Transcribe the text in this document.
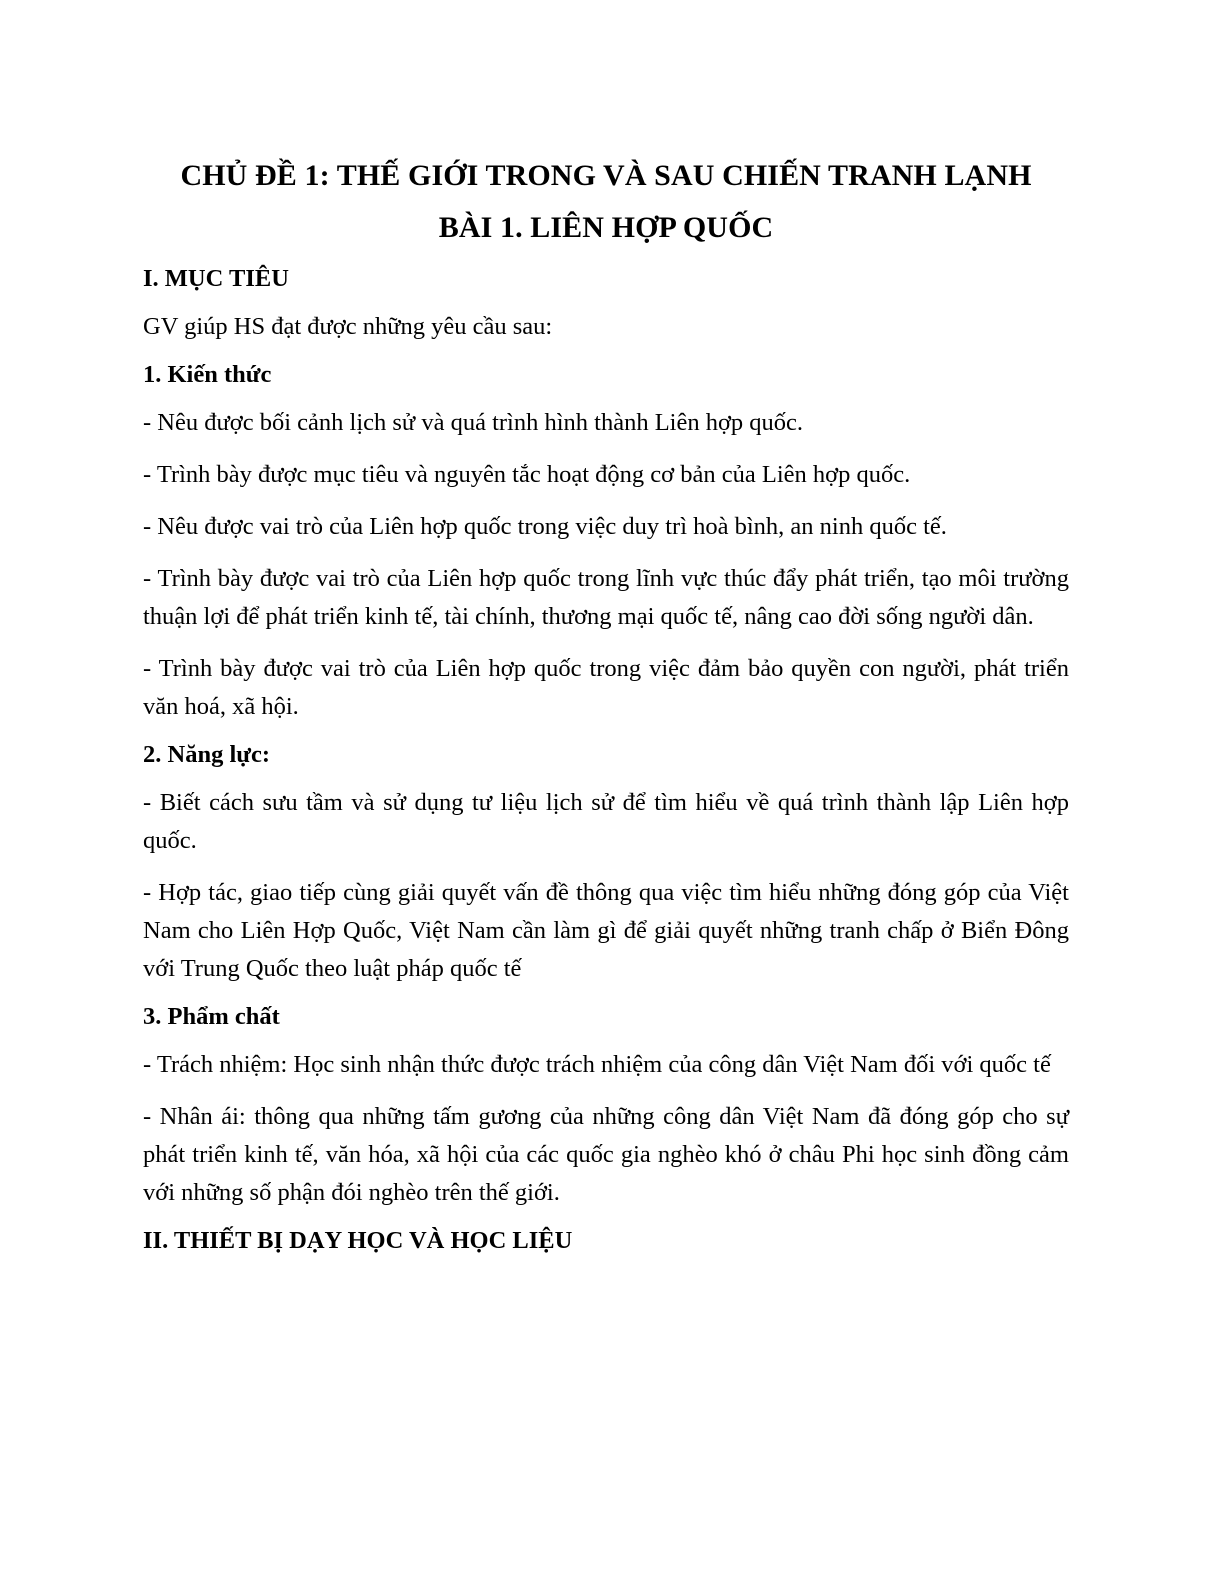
CHỦ ĐỀ 1: THẾ GIỚI TRONG VÀ SAU CHIẾN TRANH LẠNH

BÀI 1. LIÊN HỢP QUỐC

I. MỤC TIÊU

GV giúp HS đạt được những yêu cầu sau:

1. Kiến thức

- Nêu được bối cảnh lịch sử và quá trình hình thành Liên hợp quốc.

- Trình bày được mục tiêu và nguyên tắc hoạt động cơ bản của Liên hợp quốc.

- Nêu được vai trò của Liên hợp quốc trong việc duy trì hoà bình, an ninh quốc tế.

- Trình bày được vai trò của Liên hợp quốc trong lĩnh vực thúc đẩy phát triển, tạo môi trường thuận lợi để phát triển kinh tế, tài chính, thương mại quốc tế, nâng cao đời sống người dân.

- Trình bày được vai trò của Liên hợp quốc trong việc đảm bảo quyền con người, phát triển văn hoá, xã hội.

2. Năng lực:

- Biết cách sưu tầm và sử dụng tư liệu lịch sử để tìm hiểu về quá trình thành lập Liên hợp quốc.

- Hợp tác, giao tiếp cùng giải quyết vấn đề thông qua việc tìm hiểu những đóng góp của Việt Nam cho Liên Hợp Quốc, Việt Nam cần làm gì để giải quyết những tranh chấp ở Biển Đông với Trung Quốc theo luật pháp quốc tế

3. Phẩm chất

- Trách nhiệm: Học sinh nhận thức được trách nhiệm của công dân Việt Nam đối với quốc tế

- Nhân ái: thông qua những tấm gương của những công dân Việt Nam đã đóng góp cho sự phát triển kinh tế, văn hóa, xã hội của các quốc gia nghèo khó ở châu Phi học sinh đồng cảm với những số phận đói nghèo trên thế giới.

II. THIẾT BỊ DẠY HỌC VÀ HỌC LIỆU
